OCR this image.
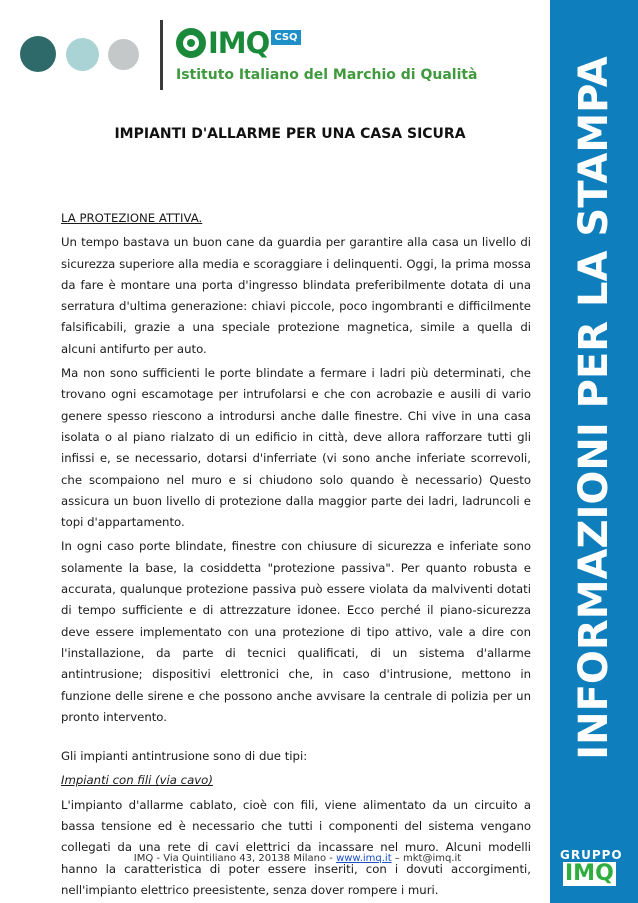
IMQ CSQ
Istituto Italiano del Marchio di Qualità INFORMAZIONI PER LA STAMPA
GRUPPO
IMQ
IMPIANTI D'ALLARME PER UNA CASA SICURA

LA PROTEZIONE ATTIVA.

Un tempo bastava un buon cane da guardia per garantire alla casa un livello di sicurezza superiore alla media e scoraggiare i delinquenti. Oggi, la prima mossa da fare è montare una porta d'ingresso blindata preferibilmente dotata di una serratura d'ultima generazione: chiavi piccole, poco ingombranti e difficilmente falsificabili, grazie a una speciale protezione magnetica, simile a quella di alcuni antifurto per auto.

Ma non sono sufficienti le porte blindate a fermare i ladri più determinati, che trovano ogni escamotage per intrufolarsi e che con acrobazie e ausili di vario genere spesso riescono a introdursi anche dalle finestre. Chi vive in una casa isolata o al piano rialzato di un edificio in città, deve allora rafforzare tutti gli infissi e, se necessario, dotarsi d'inferriate (vi sono anche inferiate scorrevoli, che scompaiono nel muro e si chiudono solo quando è necessario) Questo assicura un buon livello di protezione dalla maggior parte dei ladri, ladruncoli e topi d'appartamento.

In ogni caso porte blindate, finestre con chiusure di sicurezza e inferiate sono solamente la base, la cosiddetta "protezione passiva". Per quanto robusta e accurata, qualunque protezione passiva può essere violata da malviventi dotati di tempo sufficiente e di attrezzature idonee. Ecco perché il piano-sicurezza deve essere implementato con una protezione di tipo attivo, vale a dire con l'installazione, da parte di tecnici qualificati, di un sistema d'allarme antintrusione; dispositivi elettronici che, in caso d'intrusione, mettono in funzione delle sirene e che possono anche avvisare la centrale di polizia per un pronto intervento.

Gli impianti antintrusione sono di due tipi:

Impianti con fili (via cavo)

L'impianto d'allarme cablato, cioè con fili, viene alimentato da un circuito a bassa tensione ed è necessario che tutti i componenti del sistema vengano collegati da una rete di cavi elettrici da incassare nel muro. Alcuni modelli hanno la caratteristica di poter essere inseriti, con i dovuti accorgimenti, nell'impianto elettrico preesistente, senza dover rompere i muri.

IMQ - Via Quintiliano 43, 20138 Milano - www.imq.it – mkt@imq.it
